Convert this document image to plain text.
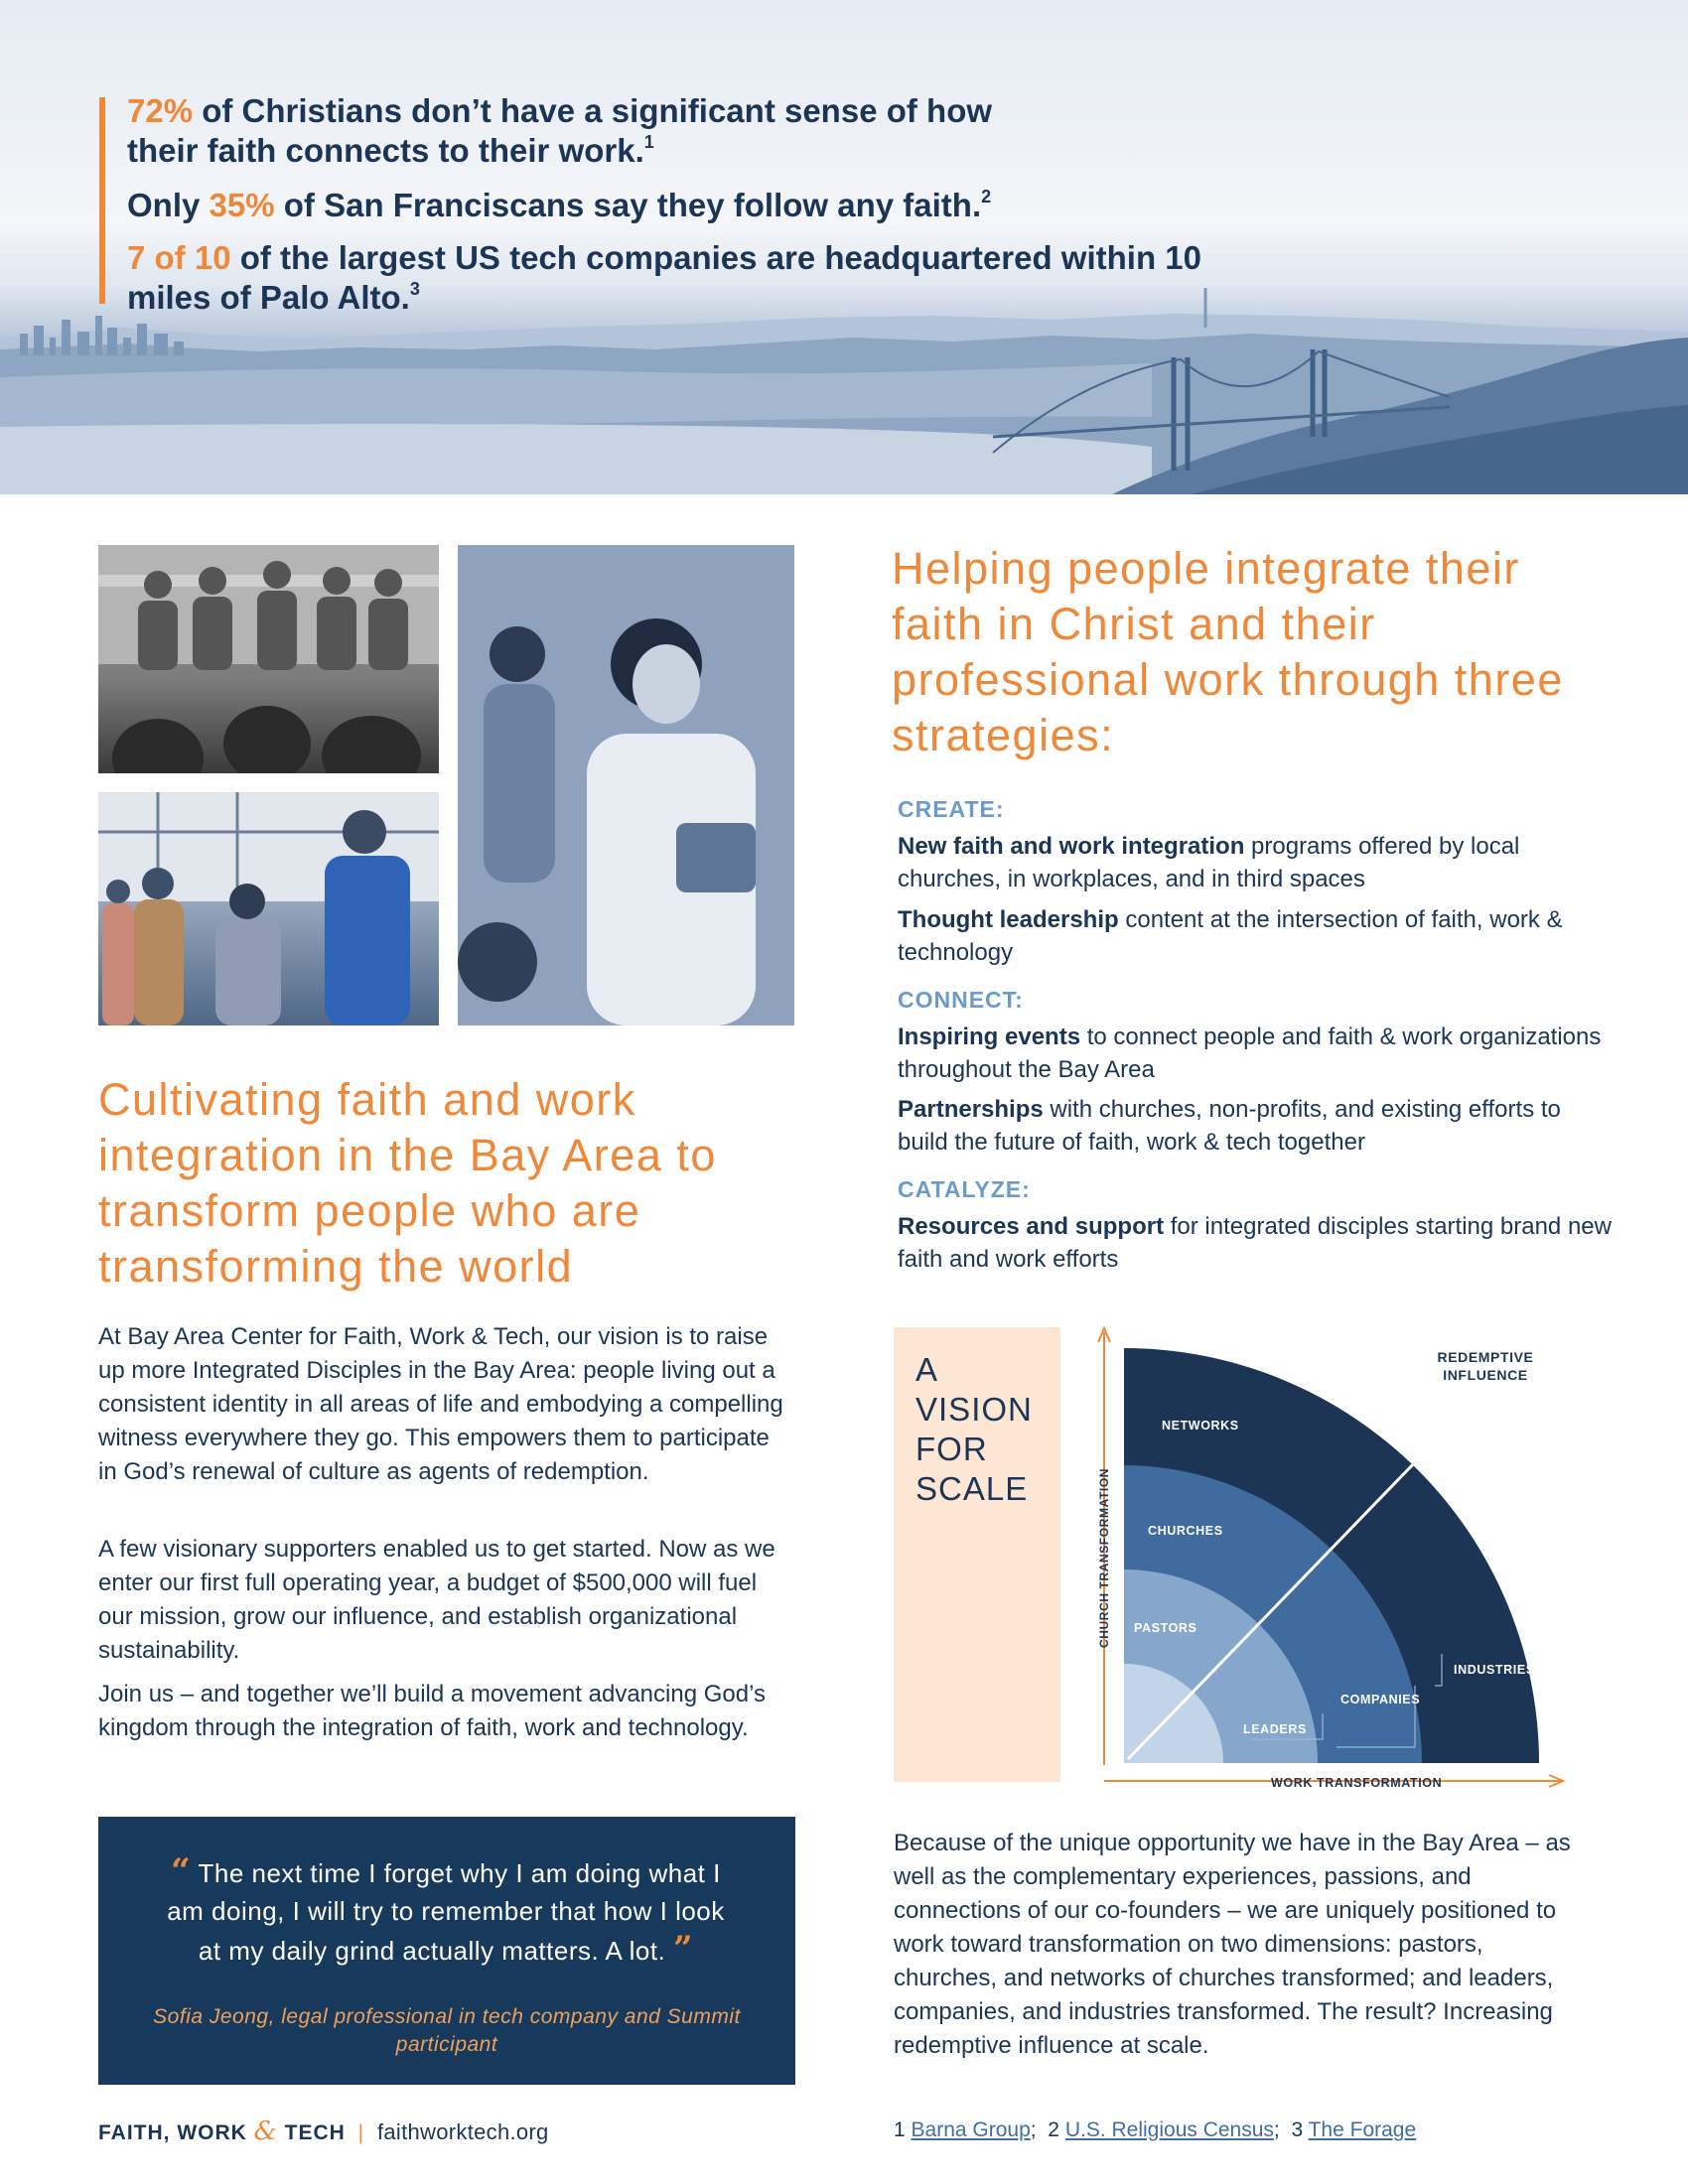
72% of Christians don’t have a significant sense of how their faith connects to their work.$^1$
Only 35% of San Franciscans say they follow any faith.$^2$
7 of 10 of the largest US tech companies are headquartered within 10 miles of Palo Alto.$^3$
Cultivating faith and work integration in the Bay Area to transform people who are transforming the world

At Bay Area Center for Faith, Work & Tech, our vision is to raise up more Integrated Disciples in the Bay Area: people living out a consistent identity in all areas of life and embodying a compelling witness everywhere they go. This empowers them to participate in God’s renewal of culture as agents of redemption.

A few visionary supporters enabled us to get started. Now as we enter our first full operating year, a budget of $500,000 will fuel our mission, grow our influence, and establish organizational sustainability.

Join us – and together we’ll build a movement advancing God’s kingdom through the integration of faith, work and technology.

“ The next time I forget why I am doing what I am doing, I will try to remember that how I look at my daily grind actually matters. A lot. ”
Sofia Jeong, legal professional in tech company and Summit participant
FAITH, WORK & TECH | faithworktech.org
Helping people integrate their faith in Christ and their professional work through three strategies:
CREATE:
New faith and work integration programs offered by local churches, in workplaces, and in third spaces
Thought leadership content at the intersection of faith, work & technology
CONNECT:
Inspiring events to connect people and faith & work organizations throughout the Bay Area
Partnerships with churches, non-profits, and existing efforts to build the future of faith, work & tech together
CATALYZE:
Resources and support for integrated disciples starting brand new faith and work efforts
A
VISION
FOR
SCALE
NETWORKS
CHURCHES
PASTORS
LEADERS
COMPANIES
INDUSTRIES
REDEMPTIVE
INFLUENCE
CHURCH TRANSFORMATION
WORK TRANSFORMATION

Because of the unique opportunity we have in the Bay Area – as well as the complementary experiences, passions, and connections of our co-founders – we are uniquely positioned to work toward transformation on two dimensions: pastors, churches, and networks of churches transformed; and leaders, companies, and industries transformed. The result? Increasing redemptive influence at scale.

1 Barna Group;  2 U.S. Religious Census;  3 The Forage
